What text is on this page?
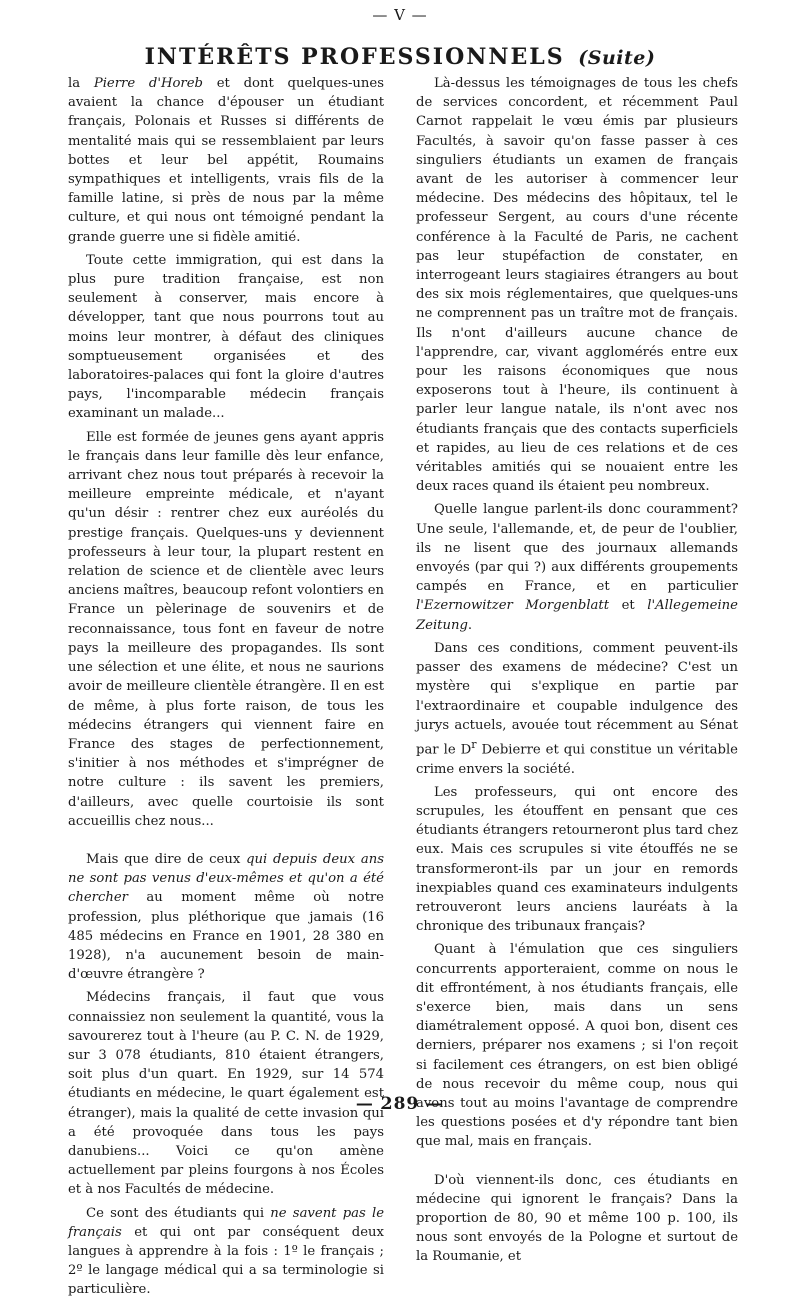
— V —
INTÉRÊTS PROFESSIONNELS (Suite)

la Pierre d'Horeb et dont quelques-unes avaient la chance d'épouser un étudiant français, Polonais et Russes si différents de mentalité mais qui se ressemblaient par leurs bottes et leur bel appétit, Roumains sympathiques et intelligents, vrais fils de la famille latine, si près de nous par la même culture, et qui nous ont témoigné pendant la grande guerre une si fidèle amitié.

Toute cette immigration, qui est dans la plus pure tradition française, est non seulement à conserver, mais encore à développer, tant que nous pourrons tout au moins leur montrer, à défaut des cliniques somptueusement organisées et des laboratoires-palaces qui font la gloire d'autres pays, l'incomparable médecin français examinant un malade...

Elle est formée de jeunes gens ayant appris le français dans leur famille dès leur enfance, arrivant chez nous tout préparés à recevoir la meilleure empreinte médicale, et n'ayant qu'un désir : rentrer chez eux auréolés du prestige français. Quelques-uns y deviennent professeurs à leur tour, la plupart restent en relation de science et de clientèle avec leurs anciens maîtres, beaucoup refont volontiers en France un pèlerinage de souvenirs et de reconnaissance, tous font en faveur de notre pays la meilleure des propagandes. Ils sont une sélection et une élite, et nous ne saurions avoir de meilleure clientèle étrangère. Il en est de même, à plus forte raison, de tous les médecins étrangers qui viennent faire en France des stages de perfectionnement, s'initier à nos méthodes et s'imprégner de notre culture : ils savent les premiers, d'ailleurs, avec quelle courtoisie ils sont accueillis chez nous...

Mais que dire de ceux qui depuis deux ans ne sont pas venus d'eux-mêmes et qu'on a été chercher au moment même où notre profession, plus pléthorique que jamais (16 485 médecins en France en 1901, 28 380 en 1928), n'a aucunement besoin de main-d'œuvre étrangère ?

Médecins français, il faut que vous connaissiez non seulement la quantité, vous la savourerez tout à l'heure (au P. C. N. de 1929, sur 3 078 étudiants, 810 étaient étrangers, soit plus d'un quart. En 1929, sur 14 574 étudiants en médecine, le quart également est étranger), mais la qualité de cette invasion qui a été provoquée dans tous les pays danubiens... Voici ce qu'on amène actuellement par pleins fourgons à nos Écoles et à nos Facultés de médecine.

Ce sont des étudiants qui ne savent pas le français et qui ont par conséquent deux langues à apprendre à la fois : 1º le français ; 2º le langage médical qui a sa terminologie si particulière.

Là-dessus les témoignages de tous les chefs de services concordent, et récemment Paul Carnot rappelait le vœu émis par plusieurs Facultés, à savoir qu'on fasse passer à ces singuliers étudiants un examen de français avant de les autoriser à commencer leur médecine. Des médecins des hôpitaux, tel le professeur Sergent, au cours d'une récente conférence à la Faculté de Paris, ne cachent pas leur stupéfaction de constater, en interrogeant leurs stagiaires étrangers au bout des six mois réglementaires, que quelques-uns ne comprennent pas un traître mot de français. Ils n'ont d'ailleurs aucune chance de l'apprendre, car, vivant agglomérés entre eux pour les raisons économiques que nous exposerons tout à l'heure, ils continuent à parler leur langue natale, ils n'ont avec nos étudiants français que des contacts superficiels et rapides, au lieu de ces relations et de ces véritables amitiés qui se nouaient entre les deux races quand ils étaient peu nombreux.

Quelle langue parlent-ils donc couramment? Une seule, l'allemande, et, de peur de l'oublier, ils ne lisent que des journaux allemands envoyés (par qui ?) aux différents groupements campés en France, et en particulier l'Ezernowitzer Morgenblatt et l'Allegemeine Zeitung.

Dans ces conditions, comment peuvent-ils passer des examens de médecine? C'est un mystère qui s'explique en partie par l'extraordinaire et coupable indulgence des jurys actuels, avouée tout récemment au Sénat par le $D^r$ Debierre et qui constitue un véritable crime envers la société.

Les professeurs, qui ont encore des scrupules, les étouffent en pensant que ces étudiants étrangers retourneront plus tard chez eux. Mais ces scrupules si vite étouffés ne se transformeront-ils par un jour en remords inexpiables quand ces examinateurs indulgents retrouveront leurs anciens lauréats à la chronique des tribunaux français?

Quant à l'émulation que ces singuliers concurrents apporteraient, comme on nous le dit effrontément, à nos étudiants français, elle s'exerce bien, mais dans un sens diamétralement opposé. A quoi bon, disent ces derniers, préparer nos examens ; si l'on reçoit si facilement ces étrangers, on est bien obligé de nous recevoir du même coup, nous qui avons tout au moins l'avantage de comprendre les questions posées et d'y répondre tant bien que mal, mais en français.

D'où viennent-ils donc, ces étudiants en médecine qui ignorent le français? Dans la proportion de 80, 90 et même 100 p. 100, ils nous sont envoyés de la Pologne et surtout de la Roumanie, et

— 289 —
